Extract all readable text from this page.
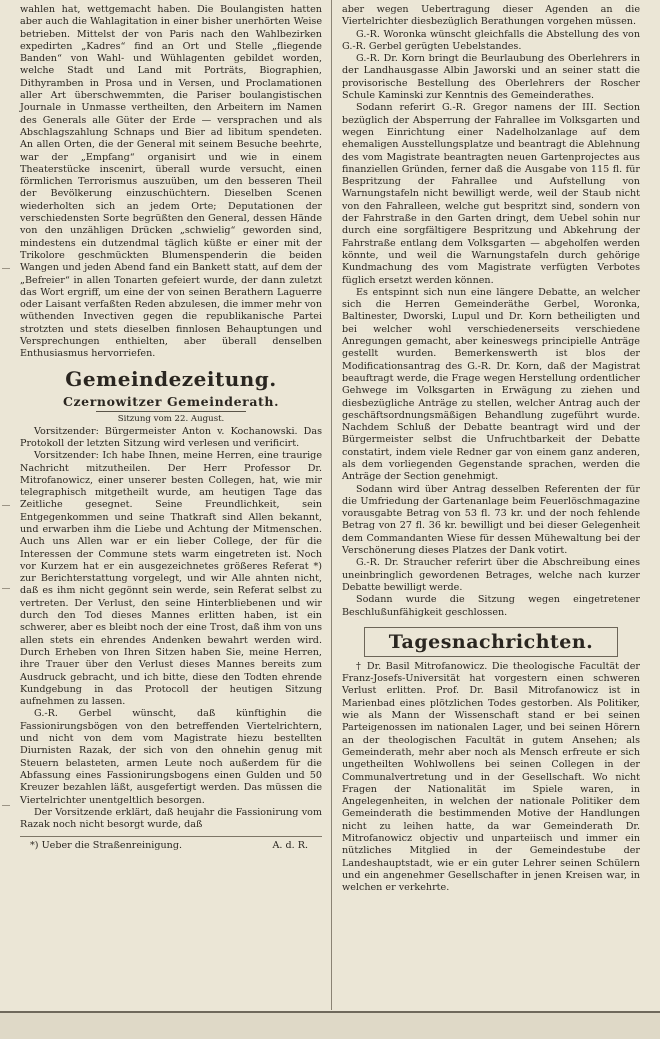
wahlen hat, wettgemacht haben. Die Boulangisten hatten aber auch die Wahlagitation in einer bisher unerhörten Weise betrieben. Mittelst der von Paris nach den Wahlbezirken expedirten „Kadres“ find an Ort und Stelle „fliegende Banden“ von Wahl- und Wühlagenten gebildet worden, welche Stadt und Land mit Porträts, Biographien, Dithyramben in Prosa und in Versen, und Proclamationen aller Art überschwemmten, die Pariser boulangistischen Journale in Unmasse vertheilten, den Arbeitern im Namen des Generals alle Güter der Erde — versprachen und als Abschlagszahlung Schnaps und Bier ad libitum spendeten. An allen Orten, die der General mit seinem Besuche beehrte, war der „Empfang“ organisirt und wie in einem Theaterstücke inscenirt, überall wurde versucht, einen förmlichen Terrorismus auszuüben, um den besseren Theil der Bevölkerung einzuschüchtern. Dieselben Scenen wiederholten sich an jedem Orte; Deputationen der verschiedensten Sorte begrüßten den General, dessen Hände von den unzähligen Drücken „schwielig“ geworden sind, mindestens ein dutzendmal täglich küßte er einer mit der Trikolore geschmückten Blumenspenderin die beiden Wangen und jeden Abend fand ein Bankett statt, auf dem der „Befreier“ in allen Tonarten gefeiert wurde, der dann zuletzt das Wort ergriff, um eine der von seinen Berathern Laguerre oder Laisant verfaßten Reden abzulesen, die immer mehr von wüthenden Invectiven gegen die republikanische Partei strotzten und stets dieselben finnlosen Behauptungen und Versprechungen enthielten, aber überall denselben Enthusiasmus hervorriefen.

Gemeindezeitung.
Czernowitzer Gemeinderath.
Sitzung vom 22. August.

Vorsitzender: Bürgermeister Anton v. Kochanowski. Das Protokoll der letzten Sitzung wird verlesen und verificirt.

Vorsitzender: Ich habe Ihnen, meine Herren, eine traurige Nachricht mitzutheilen. Der Herr Professor Dr. Mitrofanowicz, einer unserer besten Collegen, hat, wie mir telegraphisch mitgetheilt wurde, am heutigen Tage das Zeitliche gesegnet. Seine Freundlichkeit, sein Entgegenkommen und seine Thatkraft sind Allen bekannt, und erwarben ihm die Liebe und Achtung der Mitmenschen. Auch uns Allen war er ein lieber College, der für die Interessen der Commune stets warm eingetreten ist. Noch vor Kurzem hat er ein ausgezeichnetes größeres Referat *) zur Berichterstattung vorgelegt, und wir Alle ahnten nicht, daß es ihm nicht gegönnt sein werde, sein Referat selbst zu vertreten. Der Verlust, den seine Hinterbliebenen und wir durch den Tod dieses Mannes erlitten haben, ist ein schwerer, aber es bleibt noch der eine Trost, daß ihm von uns allen stets ein ehrendes Andenken bewahrt werden wird. Durch Erheben von Ihren Sitzen haben Sie, meine Herren, ihre Trauer über den Verlust dieses Mannes bereits zum Ausdruck gebracht, und ich bitte, diese den Todten ehrende Kundgebung in das Protocoll der heutigen Sitzung aufnehmen zu lassen.

G.-R. Gerbel wünscht, daß künftighin die Fassionirungsbögen von den betreffenden Viertelrichtern, und nicht von dem vom Magistrate hiezu bestellten Diurnisten Razak, der sich von den ohnehin genug mit Steuern belasteten, armen Leute noch außerdem für die Abfassung eines Fassionirungsbogens einen Gulden und 50 Kreuzer bezahlen läßt, ausgefertigt werden. Das müssen die Viertelrichter unentgeltlich besorgen.

Der Vorsitzende erklärt, daß heujahr die Fassionirung vom Razak noch nicht besorgt wurde, daß

*) Ueber die Straßenreinigung.	A. d. R.

aber wegen Uebertragung dieser Agenden an die Viertelrichter diesbezüglich Berathungen vorgehen müssen.

G.-R. Woronka wünscht gleichfalls die Abstellung des von G.-R. Gerbel gerügten Uebelstandes.

G.-R. Dr. Korn bringt die Beurlaubung des Oberlehrers in der Landhausgasse Albin Jaworski und an seiner statt die provisorische Bestellung des Oberlehrers der Roscher Schule Kaminski zur Kenntnis des Gemeinderathes.

Sodann referirt G.-R. Gregor namens der III. Section bezüglich der Absperrung der Fahrallee im Volksgarten und wegen Einrichtung einer Nadelholzanlage auf dem ehemaligen Ausstellungsplatze und beantragt die Ablehnung des vom Magistrate beantragten neuen Gartenprojectes aus finanziellen Gründen, ferner daß die Ausgabe von 115 fl. für Bespritzung der Fahrallee und Aufstellung von Warnungstafeln nicht bewilligt werde, weil der Staub nicht von den Fahralleen, welche gut bespritzt sind, sondern von der Fahrstraße in den Garten dringt, dem Uebel sohin nur durch eine sorgfältigere Bespritzung und Abkehrung der Fahrstraße entlang dem Volksgarten — abgeholfen werden könnte, und weil die Warnungstafeln durch gehörige Kundmachung des vom Magistrate verfügten Verbotes füglich ersetzt werden können.

Es entspinnt sich nun eine längere Debatte, an welcher sich die Herren Gemeinderäthe Gerbel, Woronka, Baltinester, Dworski, Lupul und Dr. Korn betheiligten und bei welcher wohl verschiedenerseits verschiedene Anregungen gemacht, aber keineswegs principielle Anträge gestellt wurden. Bemerkenswerth ist blos der Modificationsantrag des G.-R. Dr. Korn, daß der Magistrat beauftragt werde, die Frage wegen Herstellung ordentlicher Gehwege im Volksgarten in Erwägung zu ziehen und diesbezügliche Anträge zu stellen, welcher Antrag auch der geschäftsordnungsmäßigen Behandlung zugeführt wurde. Nachdem Schluß der Debatte beantragt wird und der Bürgermeister selbst die Unfruchtbarkeit der Debatte constatirt, indem viele Redner gar von einem ganz anderen, als dem vorliegenden Gegenstande sprachen, werden die Anträge der Section genehmigt.

Sodann wird über Antrag desselben Referenten der für die Umfriedung der Gartenanlage beim Feuerlöschmagazine vorausgabte Betrag von 53 fl. 73 kr. und der noch fehlende Betrag von 27 fl. 36 kr. bewilligt und bei dieser Gelegenheit dem Commandanten Wiese für dessen Mühewaltung bei der Verschönerung dieses Platzes der Dank votirt.

G.-R. Dr. Straucher referirt über die Abschreibung eines uneinbringlich gewordenen Betrages, welche nach kurzer Debatte bewilligt werde.

Sodann wurde die Sitzung wegen eingetretener Beschlußunfähigkeit geschlossen.

Tagesnachrichten.

† Dr. Basil Mitrofanowicz. Die theologische Facultät der Franz-Josefs-Universität hat vorgestern einen schweren Verlust erlitten. Prof. Dr. Basil Mitrofanowicz ist in Marienbad eines plötzlichen Todes gestorben. Als Politiker, wie als Mann der Wissenschaft stand er bei seinen Parteigenossen im nationalen Lager, und bei seinen Hörern an der theologischen Facultät in gutem Ansehen; als Gemeinderath, mehr aber noch als Mensch erfreute er sich ungetheilten Wohlwollens bei seinen Collegen in der Communalvertretung und in der Gesellschaft. Wo nicht Fragen der Nationalität im Spiele waren, in Angelegenheiten, in welchen der nationale Politiker dem Gemeinderath die bestimmenden Motive der Handlungen nicht zu leihen hatte, da war Gemeinderath Dr. Mitrofanowicz objectiv und unparteiisch und immer ein nützliches Mitglied in der Gemeindestube der Landeshauptstadt, wie er ein guter Lehrer seinen Schülern und ein angenehmer Gesellschafter in jenen Kreisen war, in welchen er verkehrte.
